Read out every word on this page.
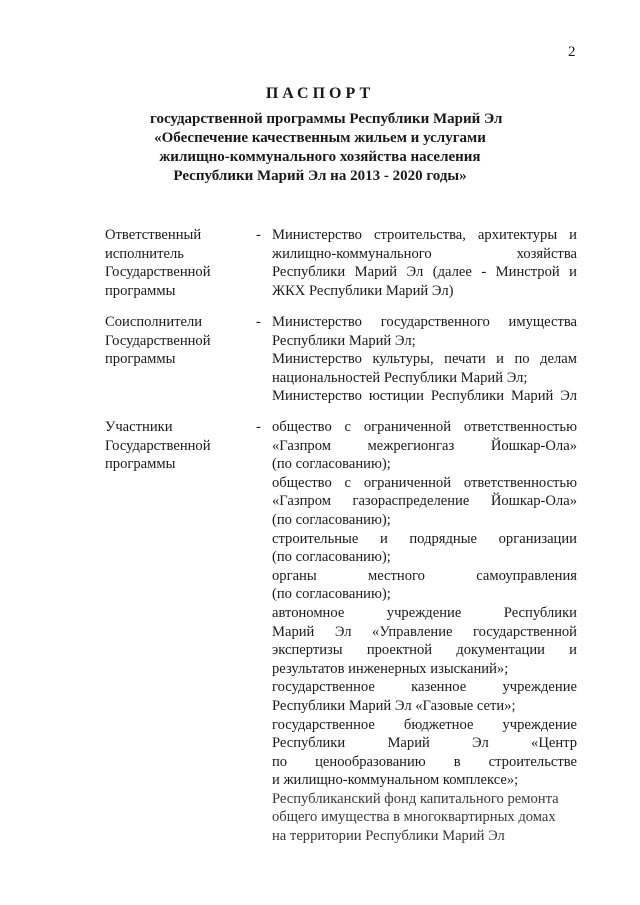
2
ПАСПОРТ
государственной программы Республики Марий Эл
«Обеспечение качественным жильем и услугами
жилищно-коммунального хозяйства населения
Республики Марий Эл на 2013 - 2020 годы»
Ответственный
исполнитель
Государственной
программы
- Министерство строительства, архитектуры и
жилищно-коммунального хозяйства
Республики Марий Эл (далее - Минстрой и
ЖКХ Республики Марий Эл)
Соисполнители
Государственной
программы
- Министерство государственного имущества
Республики Марий Эл;
Министерство культуры, печати и по делам
национальностей Республики Марий Эл;
Министерство юстиции Республики Марий Эл
Участники
Государственной
программы
- общество с ограниченной ответственностью
«Газпром межрегионгаз Йошкар-Ола»
(по согласованию);
общество с ограниченной ответственностью
«Газпром газораспределение Йошкар-Ола»
(по согласованию);
строительные и подрядные организации
(по согласованию);
органы местного самоуправления
(по согласованию);
автономное учреждение Республики
Марий Эл «Управление государственной
экспертизы проектной документации и
результатов инженерных изысканий»;
государственное казенное учреждение
Республики Марий Эл «Газовые сети»;
государственное бюджетное учреждение
Республики Марий Эл «Центр
по ценообразованию в строительстве
и жилищно-коммунальном комплексе»;
Республиканский фонд капитального ремонта
общего имущества в многоквартирных домах
на территории Республики Марий Эл
